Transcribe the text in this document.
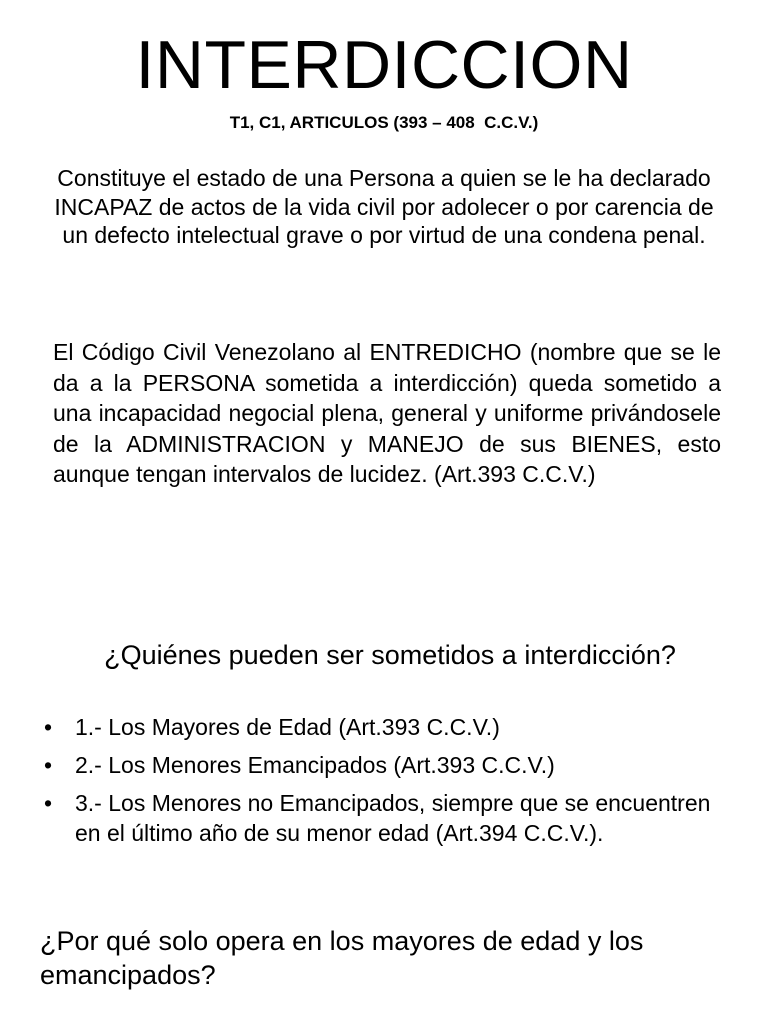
INTERDICCION
T1, C1, ARTICULOS (393 – 408  C.C.V.)
Constituye el estado de una Persona a quien se le ha declarado INCAPAZ de actos de la vida civil por adolecer o por carencia de un defecto intelectual grave o por virtud de una condena penal.
El Código Civil Venezolano al ENTREDICHO (nombre que se le da a la PERSONA sometida a interdicción) queda sometido a una incapacidad negocial plena, general y uniforme privándosele de la ADMINISTRACION y MANEJO de sus BIENES, esto aunque tengan intervalos de lucidez. (Art.393 C.C.V.)
¿Quiénes pueden ser sometidos a interdicción?
• 1.- Los Mayores de Edad (Art.393 C.C.V.)
• 2.- Los Menores Emancipados (Art.393 C.C.V.)
• 3.- Los Menores no Emancipados, siempre que se encuentren en el último año de su menor edad (Art.394 C.C.V.).
¿Por qué solo opera en los mayores de edad y los emancipados?
